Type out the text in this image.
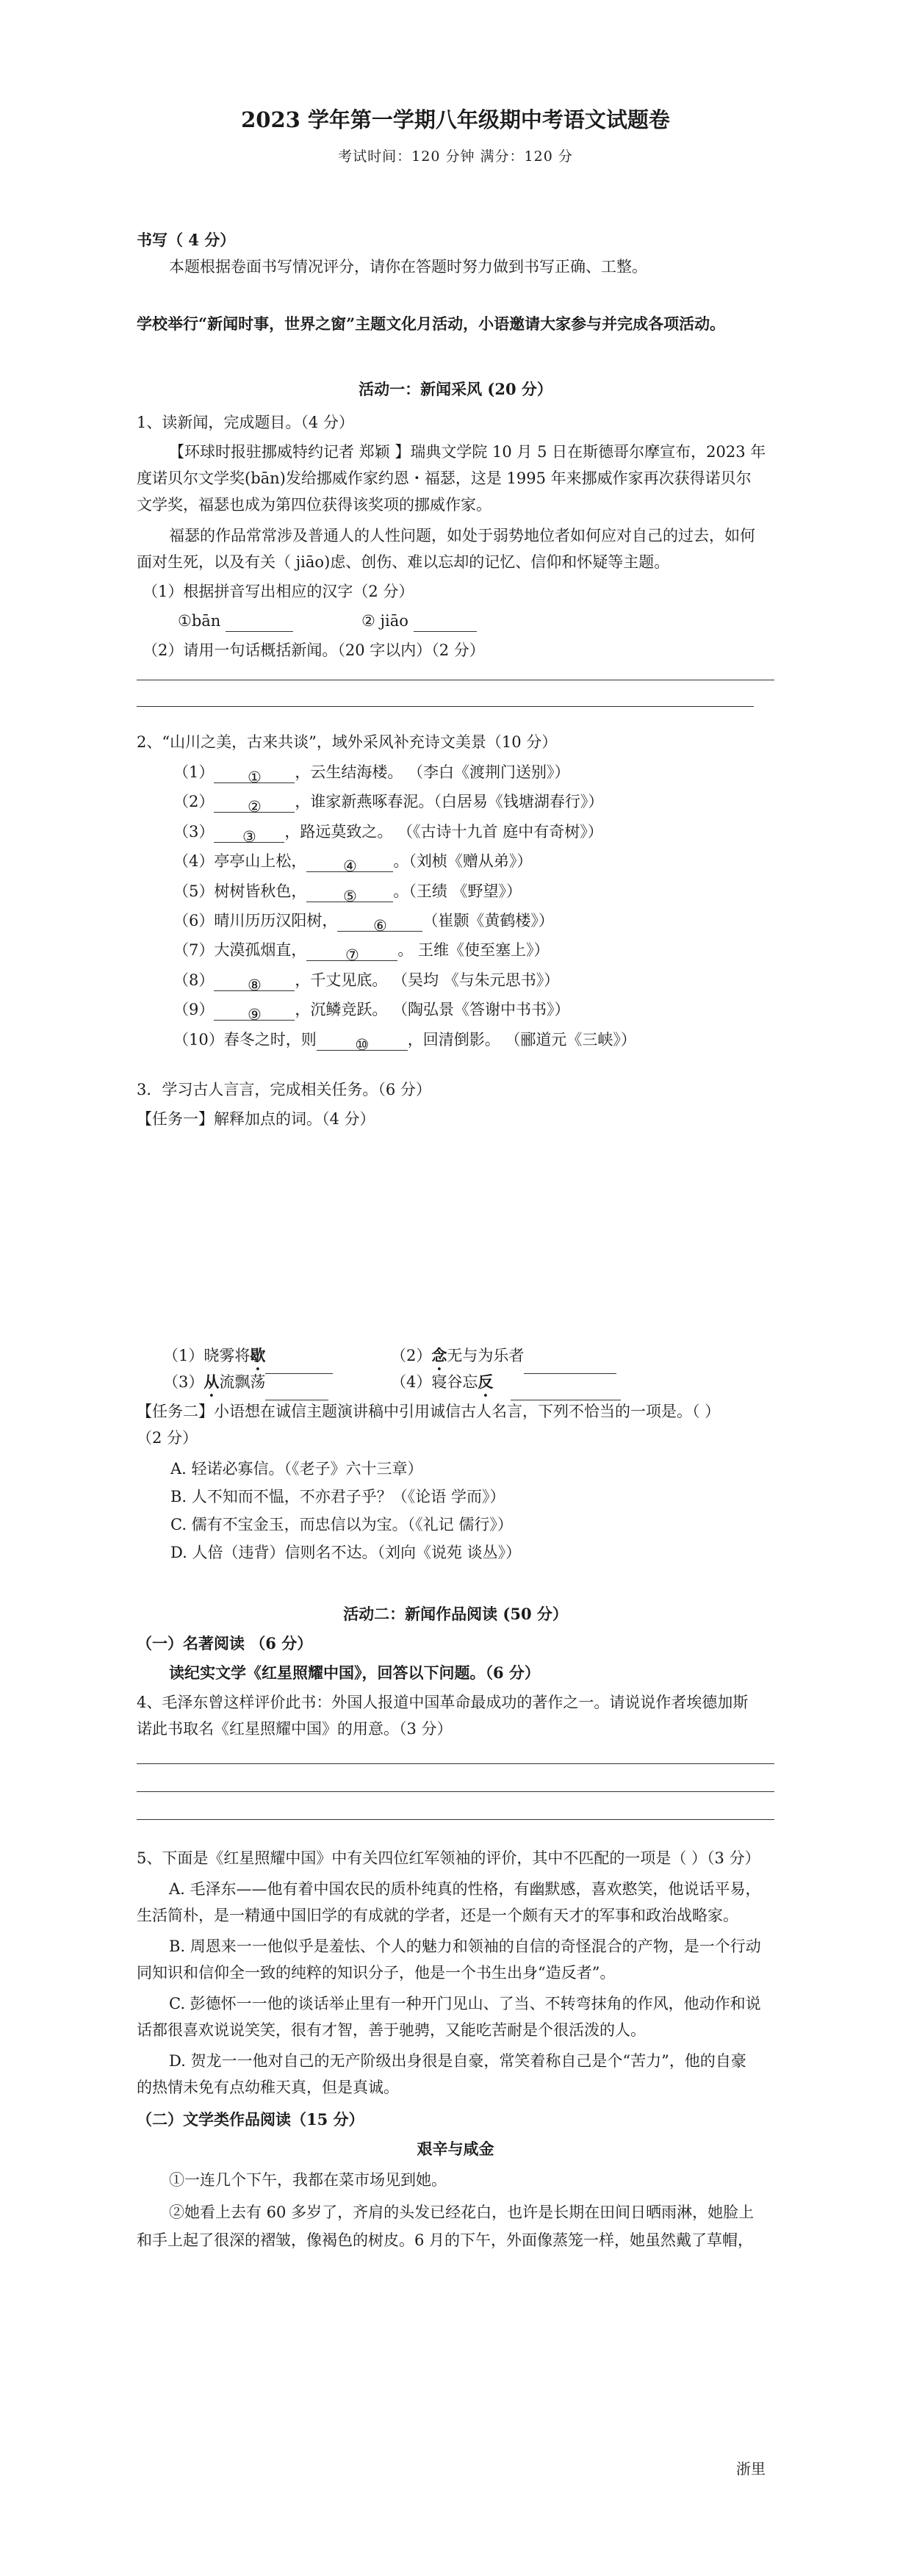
2023 学年第一学期八年级期中考语文试题卷
考试时间：120 分钟 满分：120 分
书写（ 4 分）
本题根据卷面书写情况评分，请你在答题时努力做到书写正确、工整。
学校举行“新闻时事，世界之窗”主题文化月活动，小语邀请大家参与并完成各项活动。
活动一：新闻采风 (20 分）
1、读新闻，完成题目。（4 分）
【环球时报驻挪威特约记者 郑颖 】瑞典文学院 10 月 5 日在斯德哥尔摩宣布，2023 年
度诺贝尔文学奖(bān)发给挪威作家约恩・福瑟，这是 1995 年来挪威作家再次获得诺贝尔
文学奖，福瑟也成为第四位获得该奖项的挪威作家。
福瑟的作品常常涉及普通人的人性问题，如处于弱势地位者如何应对自己的过去，如何
面对生死，以及有关（ jiāo)虑、创伤、难以忘却的记忆、信仰和怀疑等主题。
（1）根据拼音写出相应的汉字（2 分）
①bān	② jiāo
（2）请用一句话概括新闻。（20 字以内）（2 分）
2、“山川之美，古来共谈”，域外采风补充诗文美景（10 分）
（1） ① ，云生结海楼。 （李白《渡荆门送别》）
（2） ② ，谁家新燕啄春泥。（白居易《钱塘湖春行》）
（3） ③ ，路远莫致之。 （《古诗十九首 庭中有奇树》）
（4）亭亭山上松， ④ 。（刘桢《赠从弟》）
（5）树树皆秋色， ⑤ 。（王绩 《野望》）
（6）晴川历历汉阳树， ⑥ （崔颢《黄鹤楼》）
（7）大漠孤烟直，	⑦	。 王维《使至塞上》）
（8） ⑧ ，千丈见底。 （吴均 《与朱元思书》）
（9） ⑨ ，沉鳞竞跃。 （陶弘景《答谢中书书》）
（10）春冬之时，则	⑩	，回清倒影。 （郦道元《三峡》）
3．学习古人言言，完成相关任务。（6 分）
【任务一】解释加点的词。（4 分）
（1）晓雾将歇	（2）念无与为乐者
（3）从流飘荡	（4）寝谷忘反
【任务二】小语想在诚信主题演讲稿中引用诚信古人名言，下列不恰当的一项是。（ ）
（2 分）
A. 轻诺必寡信。（《老子》六十三章）
B. 人不知而不愠，不亦君子乎？（《论语 学而》）
C. 儒有不宝金玉，而忠信以为宝。（《礼记 儒行》）
D. 人倍（违背）信则名不达。（刘向《说苑 谈丛》）
活动二：新闻作品阅读 (50 分）
（一）名著阅读 （6 分）
读纪实文学《红星照耀中国》，回答以下问题。（6 分）
4、毛泽东曾这样评价此书：外国人报道中国革命最成功的著作之一。请说说作者埃德加斯
诺此书取名《红星照耀中国》的用意。（3 分）
5、下面是《红星照耀中国》中有关四位红军领袖的评价，其中不匹配的一项是（ ）（3 分）
A. 毛泽东——他有着中国农民的质朴纯真的性格，有幽默感，喜欢憨笑，他说话平易，
生活简朴，是一精通中国旧学的有成就的学者，还是一个颇有天才的军事和政治战略家。
B. 周恩来一一他似乎是羞怯、个人的魅力和领袖的自信的奇怪混合的产物，是一个行动
同知识和信仰全一致的纯粹的知识分子，他是一个书生出身“造反者”。
C. 彭德怀一一他的谈话举止里有一种开门见山、了当、不转弯抹角的作风，他动作和说
话都很喜欢说说笑笑，很有才智，善于驰骋，又能吃苦耐是个很活泼的人。
D. 贺龙一一他对自己的无产阶级出身很是自豪，常笑着称自己是个“苦力”，他的自豪
的热情未免有点幼稚天真，但是真诚。
（二）文学类作品阅读（15 分）
艰辛与咸金
①一连几个下午，我都在菜市场见到她。
②她看上去有 60 多岁了，齐肩的头发已经花白，也许是长期在田间日晒雨淋，她脸上
和手上起了很深的褶皱，像褐色的树皮。6 月的下午，外面像蒸笼一样，她虽然戴了草帽，
浙里
